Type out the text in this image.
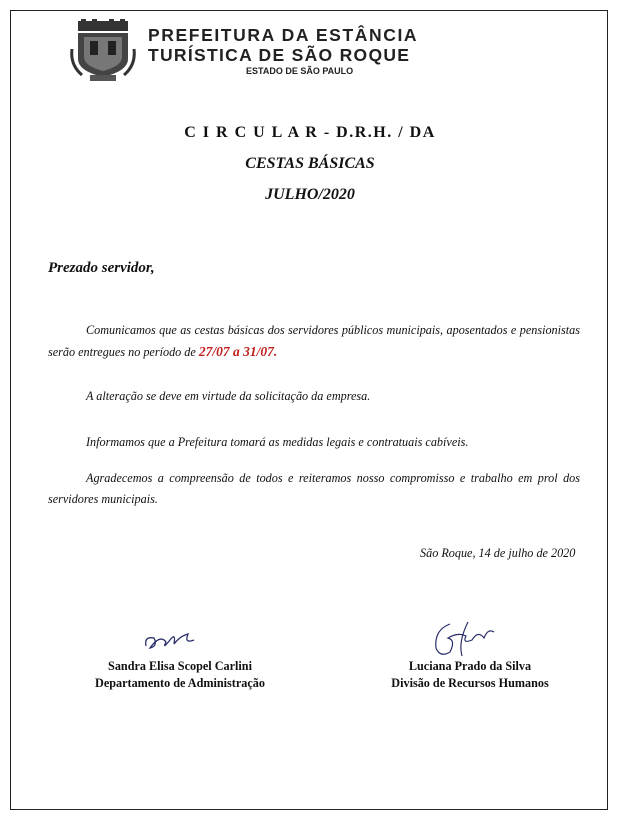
PREFEITURA DA ESTÂNCIA
TURÍSTICA DE SÃO ROQUE
ESTADO DE SÃO PAULO
C I R C U L A R - D.R.H. / DA
CESTAS BÁSICAS
JULHO/2020
Prezado servidor,
Comunicamos que as cestas básicas dos servidores públicos municipais, aposentados e pensionistas serão entregues no período de 27/07 a 31/07.
A alteração se deve em virtude da solicitação da empresa.
Informamos que a Prefeitura tomará as medidas legais e contratuais cabíveis.
Agradecemos a compreensão de todos e reiteramos nosso compromisso e trabalho em prol dos servidores municipais.
São Roque, 14 de julho de 2020
Sandra Elisa Scopel Carlini
Departamento de Administração
Luciana Prado da Silva
Divisão de Recursos Humanos
